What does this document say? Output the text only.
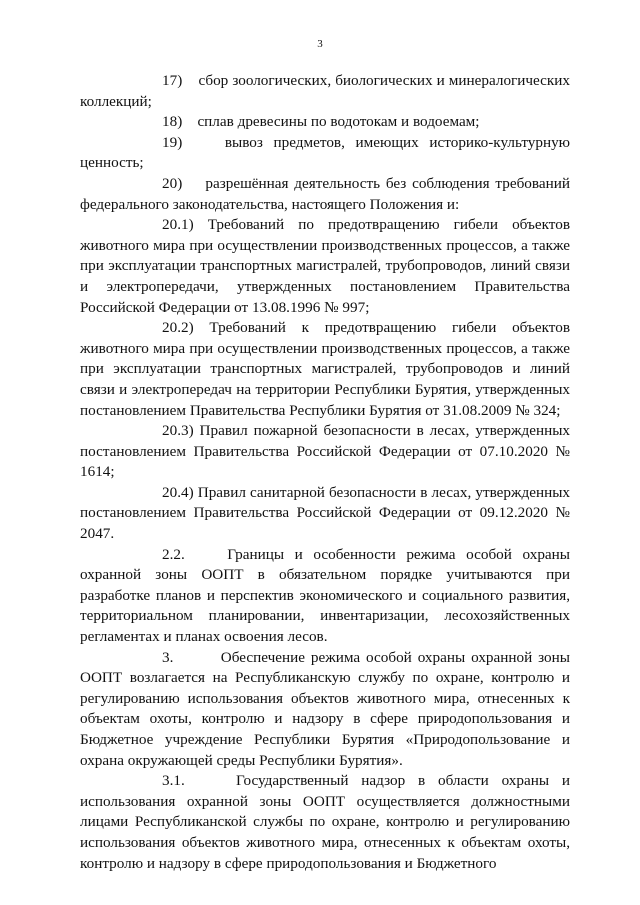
3

17) сбор зоологических, биологических и минералогических коллекций;

18) сплав древесины по водотокам и водоемам;

19)	вывоз предметов, имеющих историко-культурную ценность;

20) разрешённая деятельность без соблюдения требований федерального законодательства, настоящего Положения и:

20.1) Требований по предотвращению гибели объектов животного мира при осуществлении производственных процессов, а также при эксплуатации транспортных магистралей, трубопроводов, линий связи и электропередачи, утвержденных постановлением Правительства Российской Федерации от 13.08.1996 № 997;

20.2) Требований к предотвращению гибели объектов животного мира при осуществлении производственных процессов, а также при эксплуатации транспортных магистралей, трубопроводов и линий связи и электропередач на территории Республики Бурятия, утвержденных постановлением Правительства Республики Бурятия от 31.08.2009 № 324;

20.3) Правил пожарной безопасности в лесах, утвержденных постановлением Правительства Российской Федерации от 07.10.2020 № 1614;

20.4) Правил санитарной безопасности в лесах, утвержденных постановлением Правительства Российской Федерации от 09.12.2020 № 2047.

2.2.	Границы и особенности режима особой охраны охранной зоны ООПТ в обязательном порядке учитываются при разработке планов и перспектив экономического и социального развития, территориальном планировании, инвентаризации, лесохозяйственных регламентах и планах освоения лесов.

3.	Обеспечение режима особой охраны охранной зоны ООПТ возлагается на Республиканскую службу по охране, контролю и регулированию использования объектов животного мира, отнесенных к объектам охоты, контролю и надзору в сфере природопользования и Бюджетное учреждение Республики Бурятия «Природопользование и охрана окружающей среды Республики Бурятия».

3.1.	Государственный надзор в области охраны и использования охранной зоны ООПТ осуществляется должностными лицами Республиканской службы по охране, контролю и регулированию использования объектов животного мира, отнесенных к объектам охоты, контролю и надзору в сфере природопользования и Бюджетного
